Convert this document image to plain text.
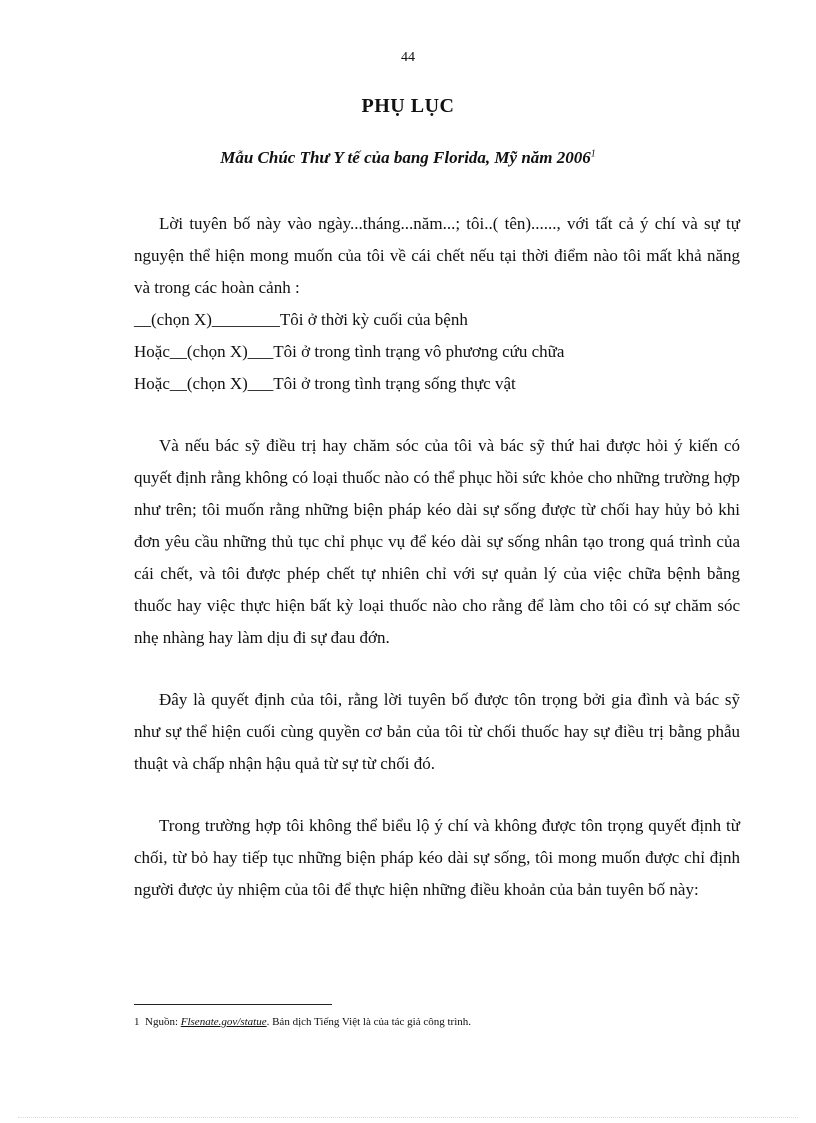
44
PHỤ LỤC
Mẫu Chúc Thư Y tế của bang Florida, Mỹ năm 2006$^1$

Lời tuyên bố này vào ngày...tháng...năm...; tôi..( tên)......, với tất cả ý chí và sự tự nguyện thể hiện mong muốn của tôi về cái chết nếu tại thời điểm nào tôi mất khả năng và trong các hoàn cảnh :

__(chọn X)________Tôi ở thời kỳ cuối của bệnh

Hoặc__(chọn X)___Tôi ở trong tình trạng vô phương cứu chữa

Hoặc__(chọn X)___Tôi ở trong tình trạng sống thực vật

Và nếu bác sỹ điều trị hay chăm sóc của tôi và bác sỹ thứ hai được hỏi ý kiến có quyết định rằng không có loại thuốc nào có thể phục hồi sức khỏe cho những trường hợp như trên; tôi muốn rằng những biện pháp kéo dài sự sống được từ chối hay hủy bỏ khi đơn yêu cầu những thủ tục chỉ phục vụ để kéo dài sự sống nhân tạo trong quá trình của cái chết, và tôi được phép chết tự nhiên chỉ với sự quản lý của việc chữa bệnh bằng thuốc hay việc thực hiện bất kỳ loại thuốc nào cho rằng để làm cho tôi có sự chăm sóc nhẹ nhàng hay làm dịu đi sự đau đớn.

Đây là quyết định của tôi, rằng lời tuyên bố được tôn trọng bởi gia đình và bác sỹ như sự thể hiện cuối cùng quyền cơ bản của tôi từ chối thuốc hay sự điều trị bằng phẫu thuật và chấp nhận hậu quả từ sự từ chối đó.

Trong trường hợp tôi không thể biểu lộ ý chí và không được tôn trọng quyết định từ chối, từ bỏ hay tiếp tục những biện pháp kéo dài sự sống, tôi mong muốn được chỉ định người được ủy nhiệm của tôi để thực hiện những điều khoản của bản tuyên bố này:

1 Nguồn: Flsenate.gov/statue. Bản dịch Tiếng Việt là của tác giả công trình.
